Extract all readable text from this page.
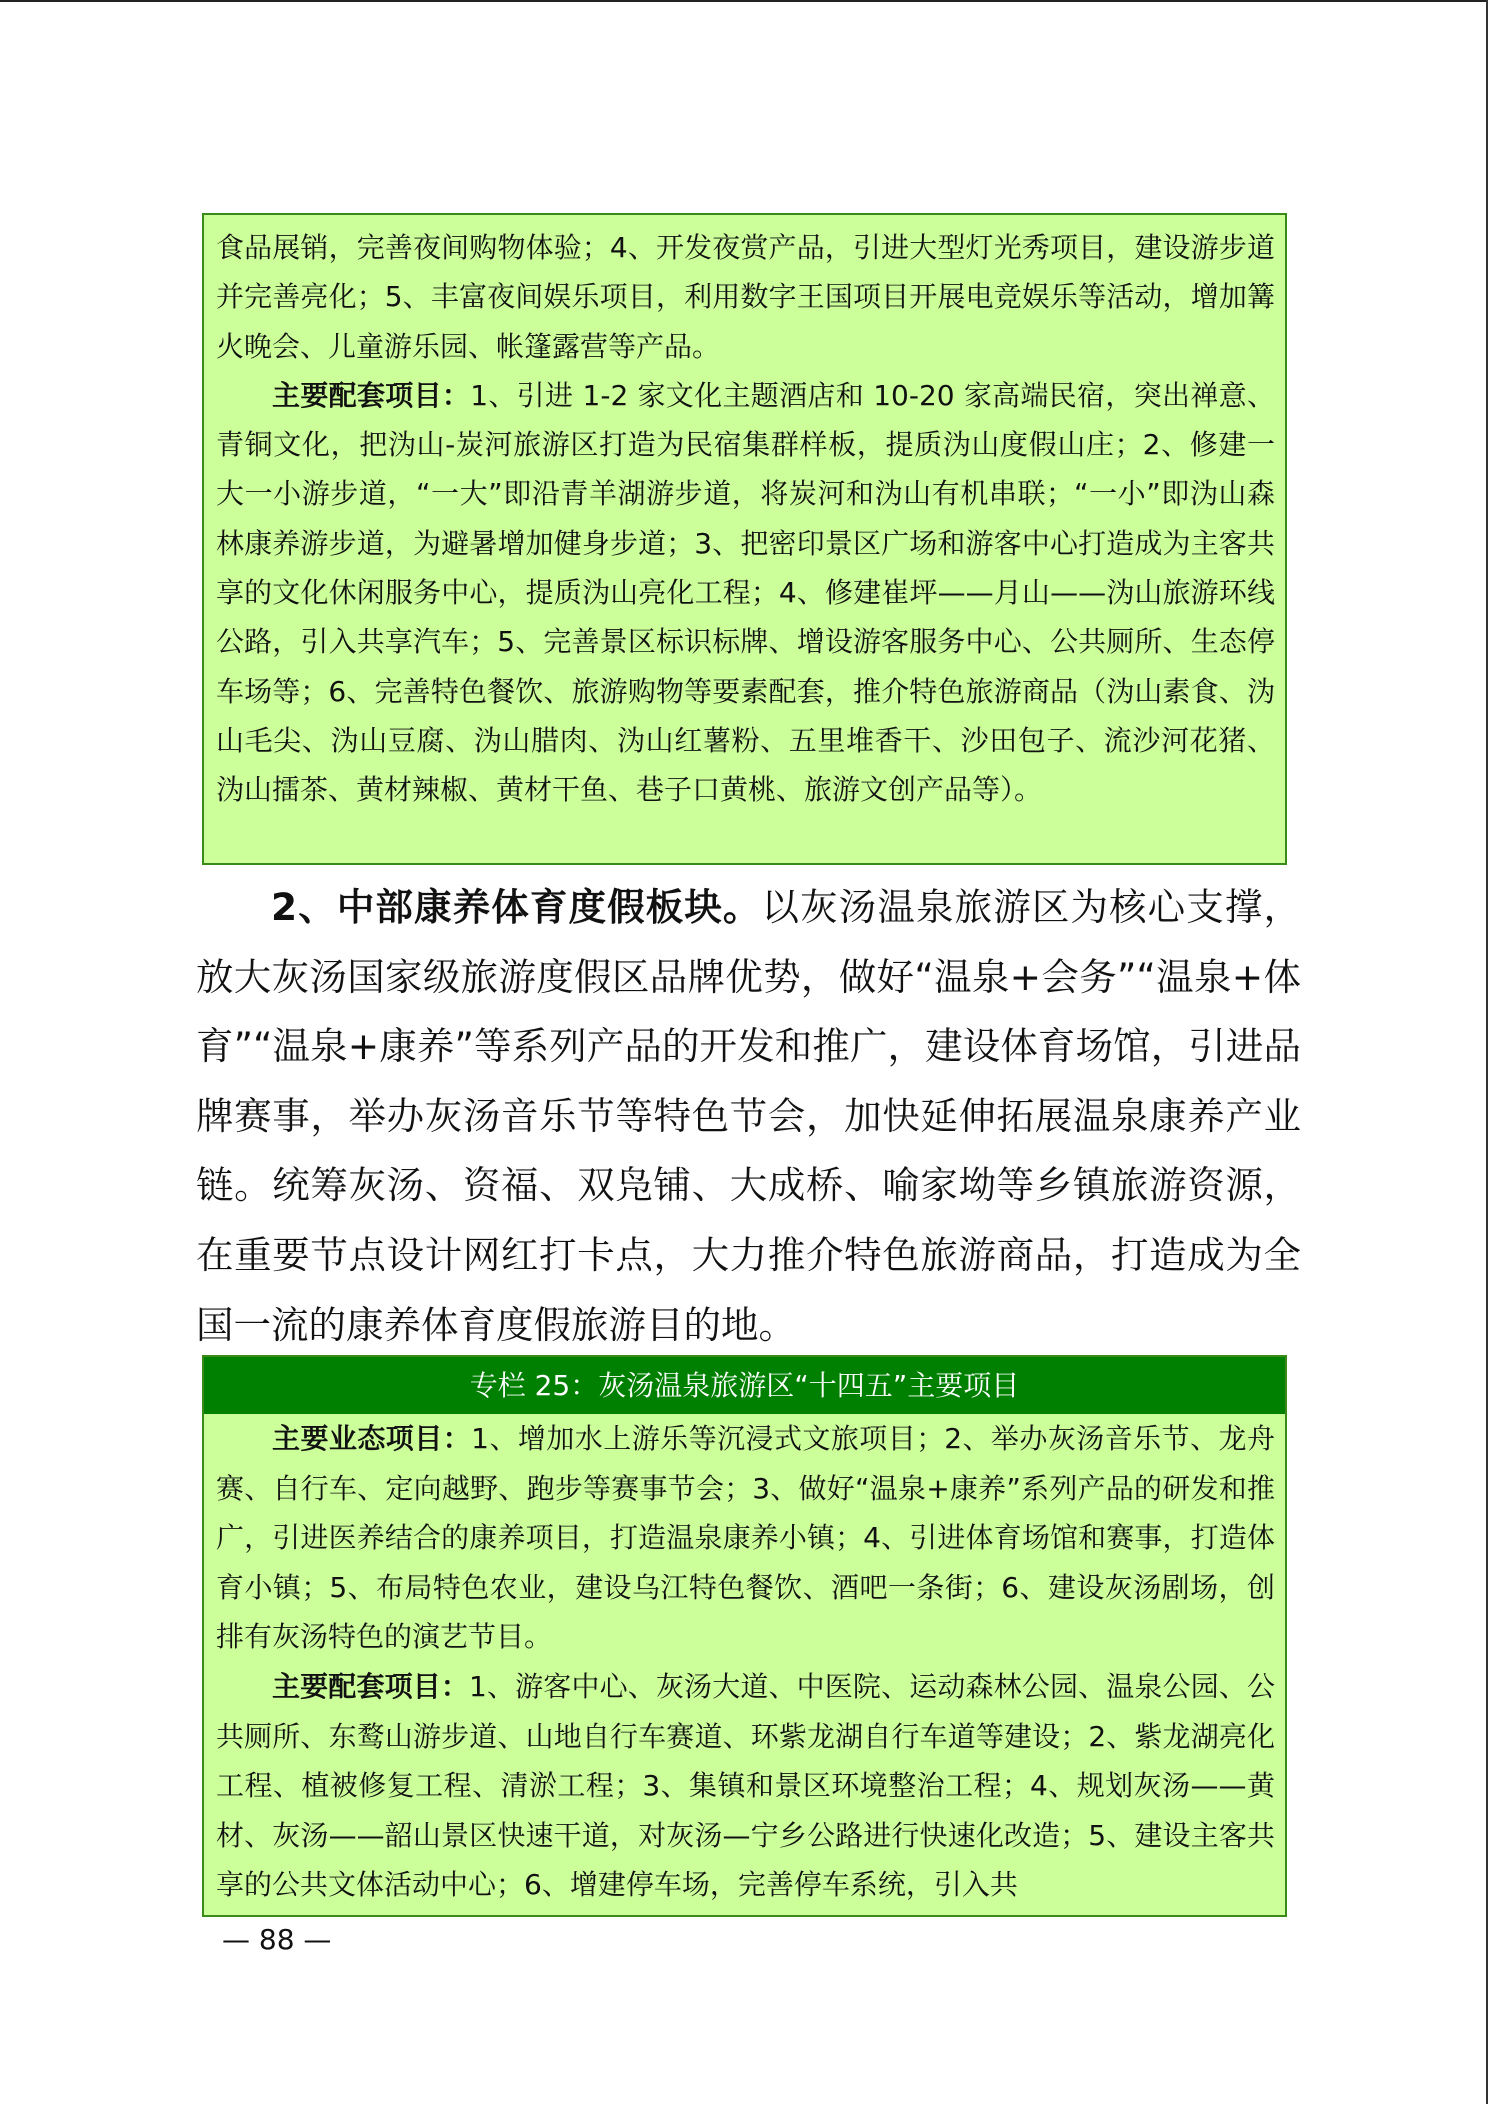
食品展销，完善夜间购物体验；4、开发夜赏产品，引进大型灯光秀项目，建设游步道并完善亮化；5、丰富夜间娱乐项目，利用数字王国项目开展电竞娱乐等活动，增加篝火晚会、儿童游乐园、帐篷露营等产品。

主要配套项目：1、引进 1-2 家文化主题酒店和 10-20 家高端民宿，突出禅意、青铜文化，把沩山-炭河旅游区打造为民宿集群样板，提质沩山度假山庄；2、修建一大一小游步道，“一大”即沿青羊湖游步道，将炭河和沩山有机串联；“一小”即沩山森林康养游步道，为避暑增加健身步道；3、把密印景区广场和游客中心打造成为主客共享的文化休闲服务中心，提质沩山亮化工程；4、修建崔坪——月山——沩山旅游环线公路，引入共享汽车；5、完善景区标识标牌、增设游客服务中心、公共厕所、生态停车场等；6、完善特色餐饮、旅游购物等要素配套，推介特色旅游商品（沩山素食、沩山毛尖、沩山豆腐、沩山腊肉、沩山红薯粉、五里堆香干、沙田包子、流沙河花猪、沩山擂茶、黄材辣椒、黄材干鱼、巷子口黄桃、旅游文创产品等）。

2、中部康养体育度假板块。以灰汤温泉旅游区为核心支撑，放大灰汤国家级旅游度假区品牌优势，做好“温泉+会务”“温泉+体育”“温泉+康养”等系列产品的开发和推广，建设体育场馆，引进品牌赛事，举办灰汤音乐节等特色节会，加快延伸拓展温泉康养产业链。统筹灰汤、资福、双凫铺、大成桥、喻家坳等乡镇旅游资源，在重要节点设计网红打卡点，大力推介特色旅游商品，打造成为全国一流的康养体育度假旅游目的地。

专栏 25：灰汤温泉旅游区“十四五”主要项目

主要业态项目：1、增加水上游乐等沉浸式文旅项目；2、举办灰汤音乐节、龙舟赛、自行车、定向越野、跑步等赛事节会；3、做好“温泉+康养”系列产品的研发和推广，引进医养结合的康养项目，打造温泉康养小镇；4、引进体育场馆和赛事，打造体育小镇；5、布局特色农业，建设乌江特色餐饮、酒吧一条街；6、建设灰汤剧场，创排有灰汤特色的演艺节目。

主要配套项目：1、游客中心、灰汤大道、中医院、运动森林公园、温泉公园、公共厕所、东鹜山游步道、山地自行车赛道、环紫龙湖自行车道等建设；2、紫龙湖亮化工程、植被修复工程、清淤工程；3、集镇和景区环境整治工程；4、规划灰汤——黄材、灰汤——韶山景区快速干道，对灰汤—宁乡公路进行快速化改造；5、建设主客共享的公共文体活动中心；6、增建停车场，完善停车系统，引入共

— 88 —
